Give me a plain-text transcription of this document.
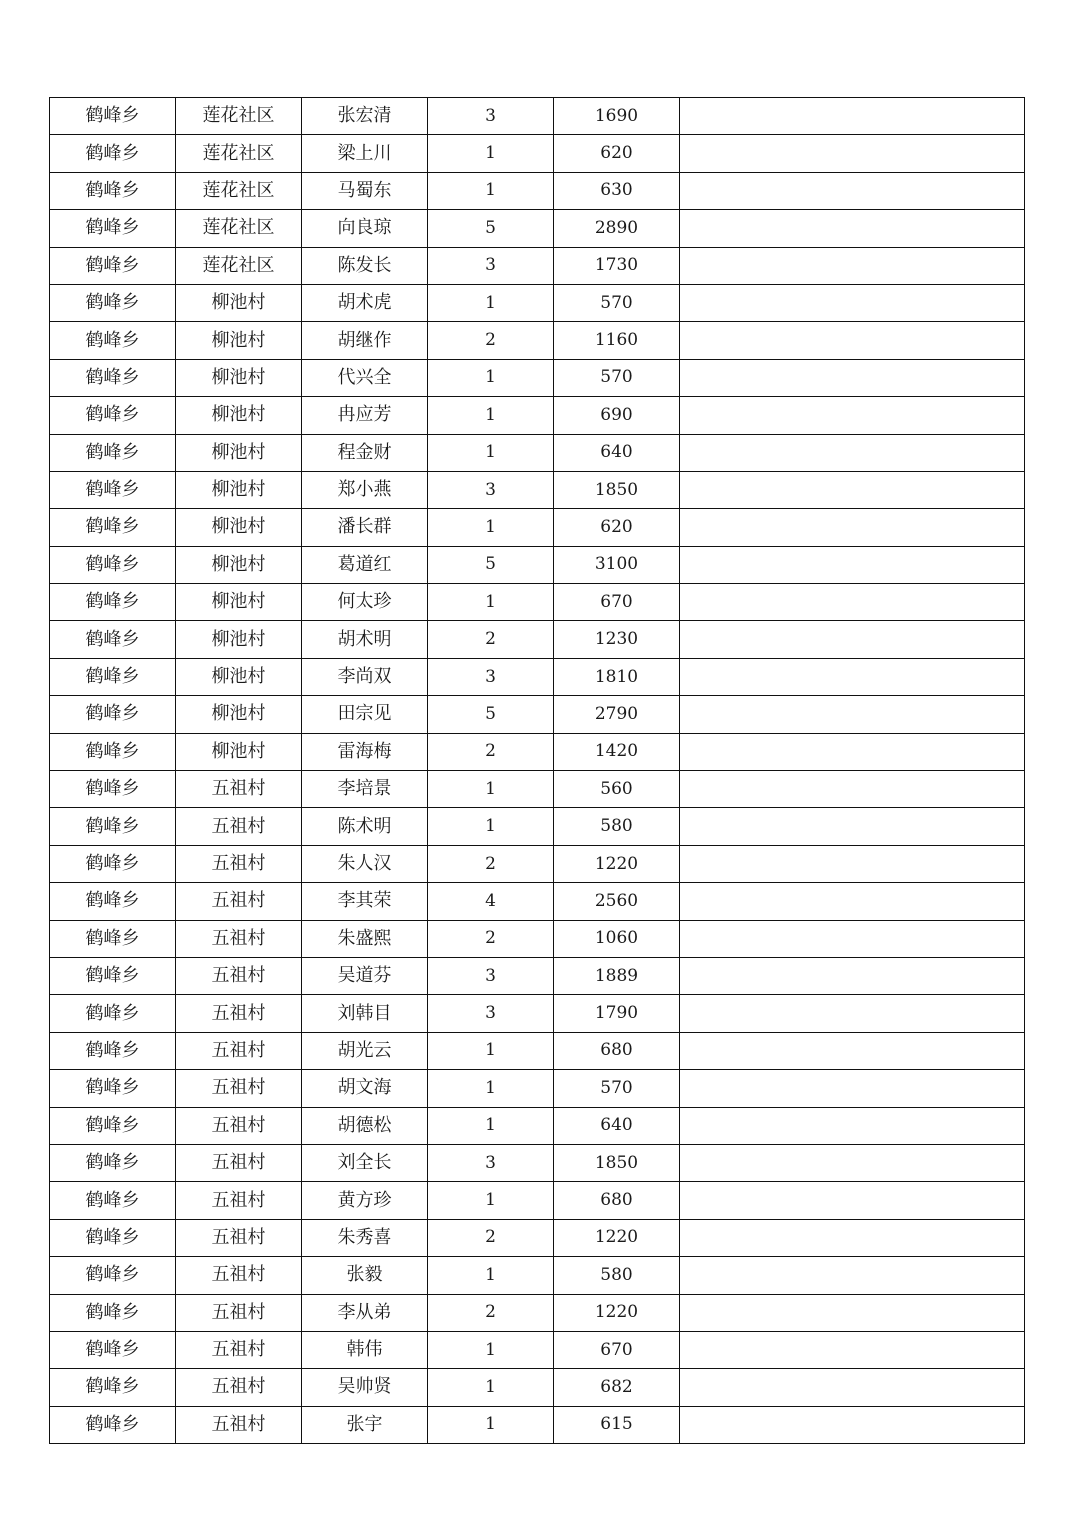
鹤峰乡	莲花社区	张宏清	3	1690	
鹤峰乡	莲花社区	梁上川	1	620	
鹤峰乡	莲花社区	马蜀东	1	630	
鹤峰乡	莲花社区	向良琼	5	2890	
鹤峰乡	莲花社区	陈发长	3	1730	
鹤峰乡	柳池村	胡术虎	1	570	
鹤峰乡	柳池村	胡继作	2	1160	
鹤峰乡	柳池村	代兴全	1	570	
鹤峰乡	柳池村	冉应芳	1	690	
鹤峰乡	柳池村	程金财	1	640	
鹤峰乡	柳池村	郑小燕	3	1850	
鹤峰乡	柳池村	潘长群	1	620	
鹤峰乡	柳池村	葛道红	5	3100	
鹤峰乡	柳池村	何太珍	1	670	
鹤峰乡	柳池村	胡术明	2	1230	
鹤峰乡	柳池村	李尚双	3	1810	
鹤峰乡	柳池村	田宗见	5	2790	
鹤峰乡	柳池村	雷海梅	2	1420	
鹤峰乡	五祖村	李培景	1	560	
鹤峰乡	五祖村	陈术明	1	580	
鹤峰乡	五祖村	朱人汉	2	1220	
鹤峰乡	五祖村	李其荣	4	2560	
鹤峰乡	五祖村	朱盛熙	2	1060	
鹤峰乡	五祖村	吴道芬	3	1889	
鹤峰乡	五祖村	刘韩目	3	1790	
鹤峰乡	五祖村	胡光云	1	680	
鹤峰乡	五祖村	胡文海	1	570	
鹤峰乡	五祖村	胡德松	1	640	
鹤峰乡	五祖村	刘全长	3	1850	
鹤峰乡	五祖村	黄方珍	1	680	
鹤峰乡	五祖村	朱秀喜	2	1220	
鹤峰乡	五祖村	张毅	1	580	
鹤峰乡	五祖村	李从弟	2	1220	
鹤峰乡	五祖村	韩伟	1	670	
鹤峰乡	五祖村	吴帅贤	1	682	
鹤峰乡	五祖村	张宇	1	615	
